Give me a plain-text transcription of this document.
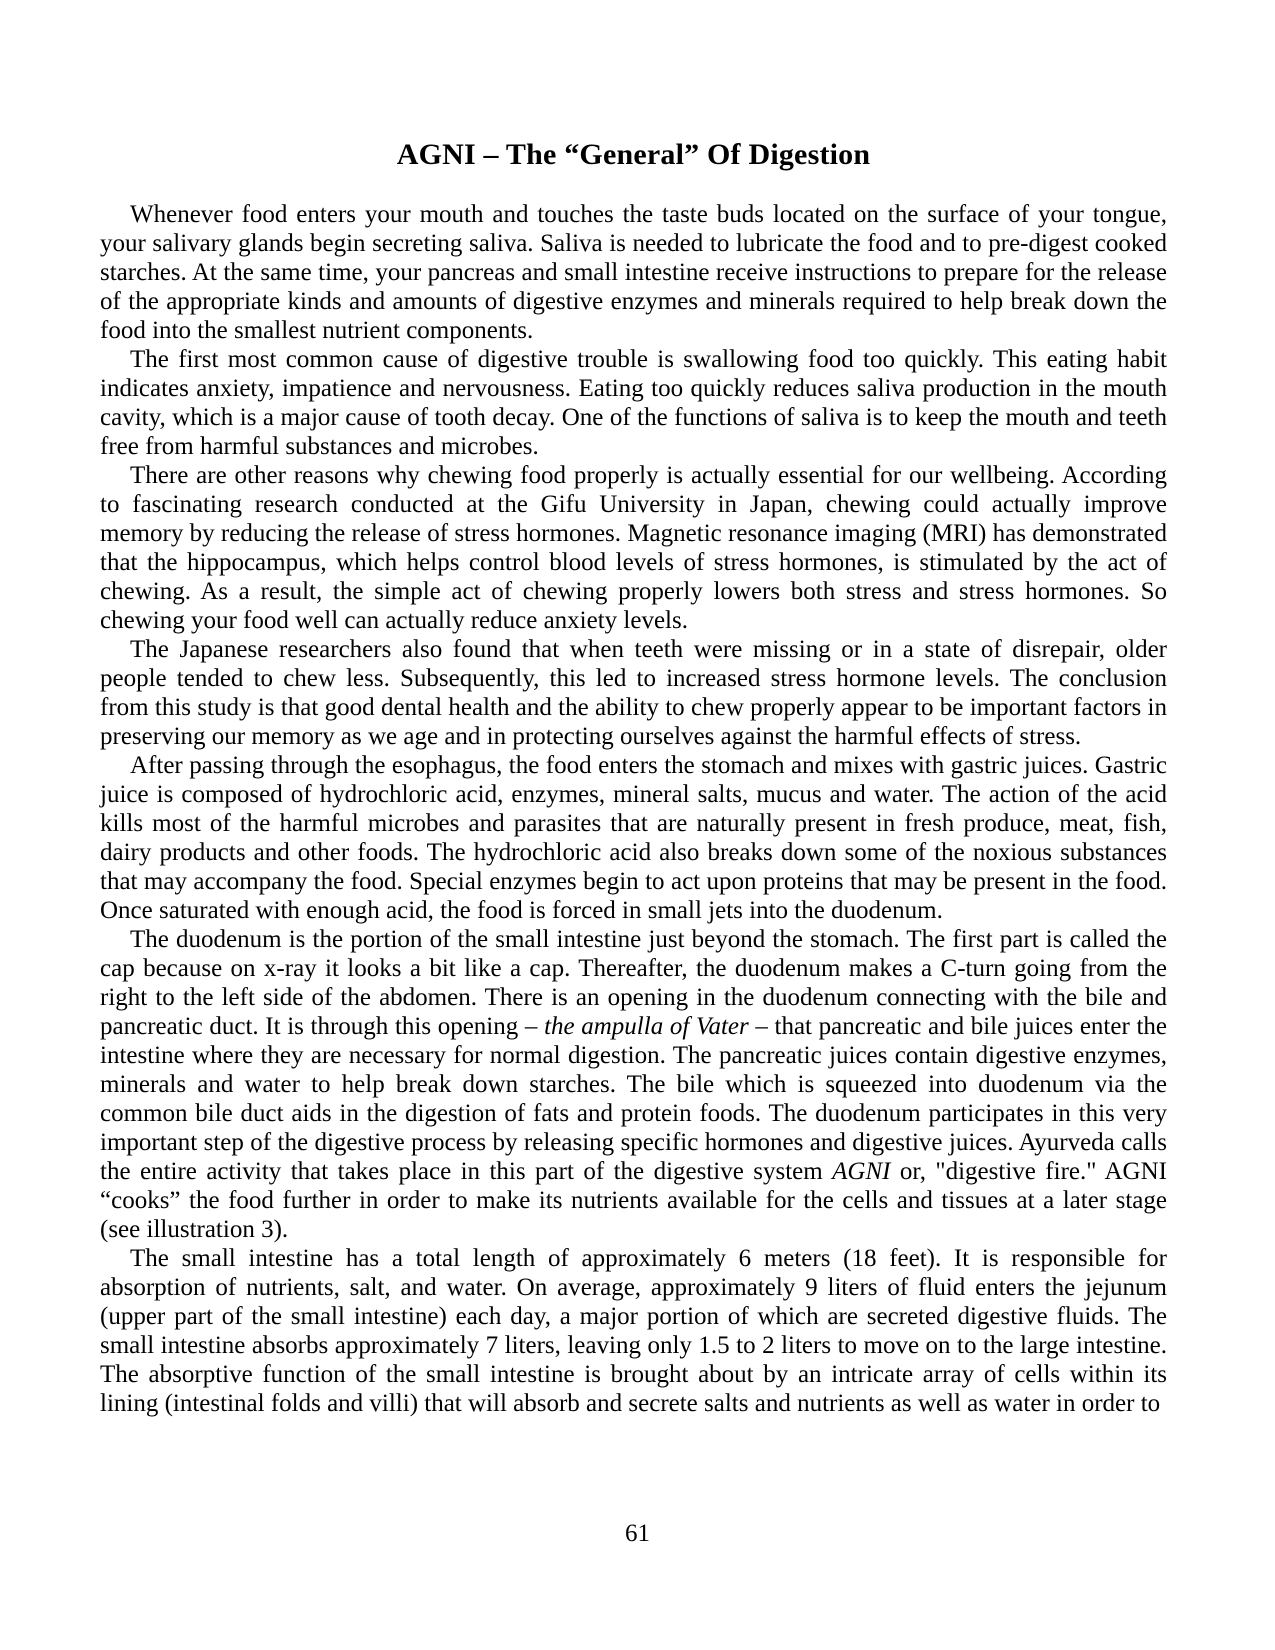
AGNI – The “General” Of Digestion

Whenever food enters your mouth and touches the taste buds located on the surface of your tongue, your salivary glands begin secreting saliva. Saliva is needed to lubricate the food and to pre-digest cooked starches. At the same time, your pancreas and small intestine receive instructions to prepare for the release of the appropriate kinds and amounts of digestive enzymes and minerals required to help break down the food into the smallest nutrient components.

The first most common cause of digestive trouble is swallowing food too quickly. This eating habit indicates anxiety, impatience and nervousness. Eating too quickly reduces saliva production in the mouth cavity, which is a major cause of tooth decay. One of the functions of saliva is to keep the mouth and teeth free from harmful substances and microbes.

There are other reasons why chewing food properly is actually essential for our wellbeing. According to fascinating research conducted at the Gifu University in Japan, chewing could actually improve memory by reducing the release of stress hormones. Magnetic resonance imaging (MRI) has demonstrated that the hippocampus, which helps control blood levels of stress hormones, is stimulated by the act of chewing. As a result, the simple act of chewing properly lowers both stress and stress hormones. So chewing your food well can actually reduce anxiety levels.

The Japanese researchers also found that when teeth were missing or in a state of disrepair, older people tended to chew less. Subsequently, this led to increased stress hormone levels. The conclusion from this study is that good dental health and the ability to chew properly appear to be important factors in preserving our memory as we age and in protecting ourselves against the harmful effects of stress.

After passing through the esophagus, the food enters the stomach and mixes with gastric juices. Gastric juice is composed of hydrochloric acid, enzymes, mineral salts, mucus and water. The action of the acid kills most of the harmful microbes and parasites that are naturally present in fresh produce, meat, fish, dairy products and other foods. The hydrochloric acid also breaks down some of the noxious substances that may accompany the food. Special enzymes begin to act upon proteins that may be present in the food. Once saturated with enough acid, the food is forced in small jets into the duodenum.

The duodenum is the portion of the small intestine just beyond the stomach. The first part is called the cap because on x-ray it looks a bit like a cap. Thereafter, the duodenum makes a C-turn going from the right to the left side of the abdomen. There is an opening in the duodenum connecting with the bile and pancreatic duct. It is through this opening – the ampulla of Vater – that pancreatic and bile juices enter the intestine where they are necessary for normal digestion. The pancreatic juices contain digestive enzymes, minerals and water to help break down starches. The bile which is squeezed into duodenum via the common bile duct aids in the digestion of fats and protein foods. The duodenum participates in this very important step of the digestive process by releasing specific hormones and digestive juices. Ayurveda calls the entire activity that takes place in this part of the digestive system AGNI or, "digestive fire." AGNI “cooks” the food further in order to make its nutrients available for the cells and tissues at a later stage (see illustration 3).

The small intestine has a total length of approximately 6 meters (18 feet). It is responsible for absorption of nutrients, salt, and water. On average, approximately 9 liters of fluid enters the jejunum (upper part of the small intestine) each day, a major portion of which are secreted digestive fluids. The small intestine absorbs approximately 7 liters, leaving only 1.5 to 2 liters to move on to the large intestine. The absorptive function of the small intestine is brought about by an intricate array of cells within its lining (intestinal folds and villi) that will absorb and secrete salts and nutrients as well as water in order to

61
